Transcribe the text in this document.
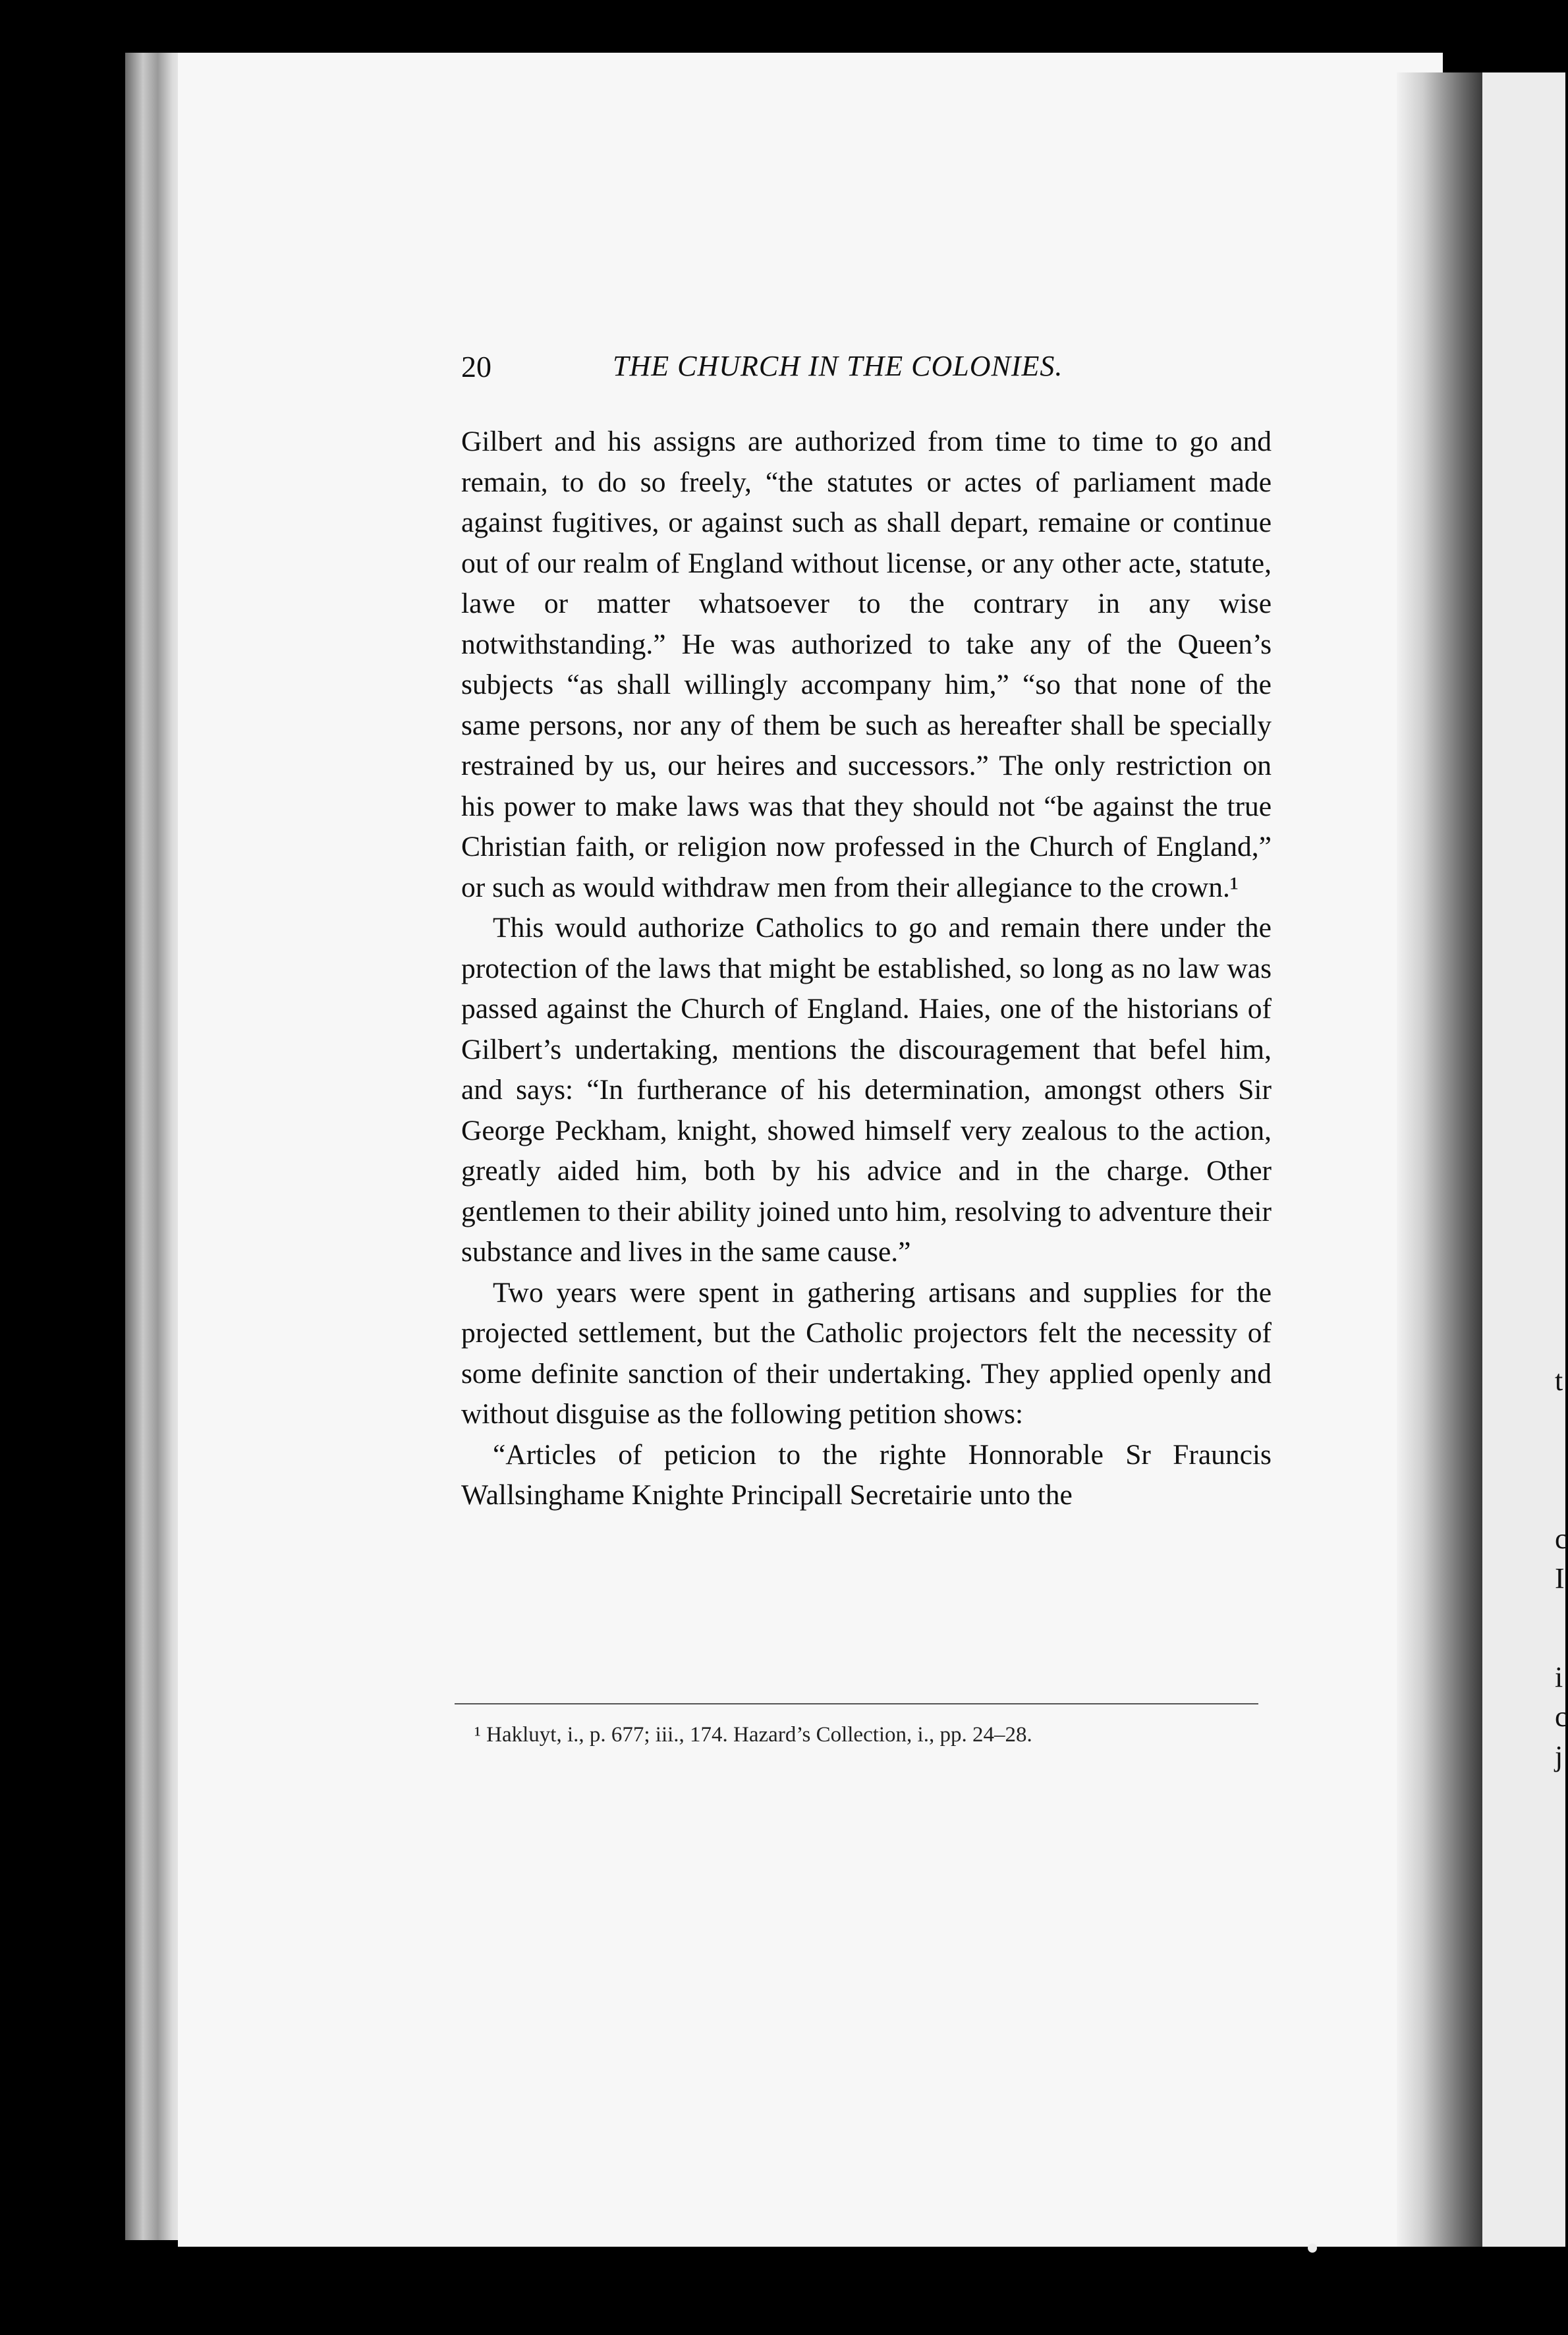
t
c
I
i
c
j
20	THE CHURCH IN THE COLONIES.

Gilbert and his assigns are authorized from time to time to go and remain, to do so freely, “the statutes or actes of parliament made against fugitives, or against such as shall depart, remaine or continue out of our realm of England without license, or any other acte, statute, lawe or matter whatsoever to the contrary in any wise notwithstanding.” He was authorized to take any of the Queen’s subjects “as shall willingly accompany him,” “so that none of the same persons, nor any of them be such as hereafter shall be specially restrained by us, our heires and successors.” The only restriction on his power to make laws was that they should not “be against the true Christian faith, or religion now professed in the Church of England,” or such as would withdraw men from their allegiance to the crown.¹

This would authorize Catholics to go and remain there under the protection of the laws that might be established, so long as no law was passed against the Church of England. Haies, one of the historians of Gilbert’s undertaking, mentions the discouragement that befel him, and says: “In furtherance of his determination, amongst others Sir George Peckham, knight, showed himself very zealous to the action, greatly aided him, both by his advice and in the charge. Other gentlemen to their ability joined unto him, resolving to adventure their substance and lives in the same cause.”

Two years were spent in gathering artisans and supplies for the projected settlement, but the Catholic projectors felt the necessity of some definite sanction of their undertaking. They applied openly and without disguise as the following petition shows:

“Articles of peticion to the righte Honnorable Sr Frauncis Wallsinghame Knighte Principall Secretairie unto the

¹ Hakluyt, i., p. 677; iii., 174. Hazard’s Collection, i., pp. 24–28.
